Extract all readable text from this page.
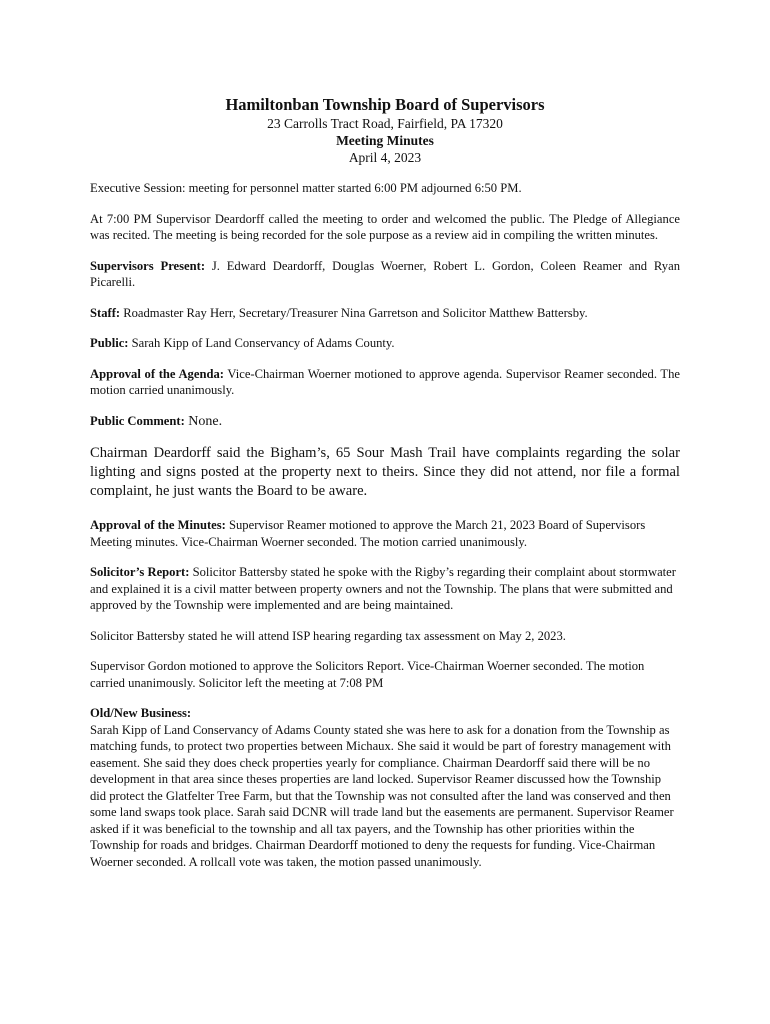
Hamiltonban Township Board of Supervisors
23 Carrolls Tract Road, Fairfield, PA 17320
Meeting Minutes
April 4, 2023

Executive Session: meeting for personnel matter started 6:00 PM adjourned 6:50 PM.

At 7:00 PM Supervisor Deardorff called the meeting to order and welcomed the public. The Pledge of Allegiance was recited. The meeting is being recorded for the sole purpose as a review aid in compiling the written minutes.

Supervisors Present: J. Edward Deardorff, Douglas Woerner, Robert L. Gordon, Coleen Reamer and Ryan Picarelli.

Staff: Roadmaster Ray Herr, Secretary/Treasurer Nina Garretson and Solicitor Matthew Battersby.

Public: Sarah Kipp of Land Conservancy of Adams County.

Approval of the Agenda: Vice-Chairman Woerner motioned to approve agenda. Supervisor Reamer seconded. The motion carried unanimously.

Public Comment: None.

Chairman Deardorff said the Bigham’s, 65 Sour Mash Trail have complaints regarding the solar lighting and signs posted at the property next to theirs. Since they did not attend, nor file a formal complaint, he just wants the Board to be aware.

Approval of the Minutes: Supervisor Reamer motioned to approve the March 21, 2023 Board of Supervisors Meeting minutes. Vice-Chairman Woerner seconded. The motion carried unanimously.

Solicitor’s Report: Solicitor Battersby stated he spoke with the Rigby’s regarding their complaint about stormwater and explained it is a civil matter between property owners and not the Township. The plans that were submitted and approved by the Township were implemented and are being maintained.

Solicitor Battersby stated he will attend ISP hearing regarding tax assessment on May 2, 2023.

Supervisor Gordon motioned to approve the Solicitors Report. Vice-Chairman Woerner seconded. The motion carried unanimously. Solicitor left the meeting at 7:08 PM

Old/New Business:

Sarah Kipp of Land Conservancy of Adams County stated she was here to ask for a donation from the Township as matching funds, to protect two properties between Michaux. She said it would be part of forestry management with easement. She said they does check properties yearly for compliance. Chairman Deardorff said there will be no development in that area since theses properties are land locked. Supervisor Reamer discussed how the Township did protect the Glatfelter Tree Farm, but that the Township was not consulted after the land was conserved and then some land swaps took place. Sarah said DCNR will trade land but the easements are permanent. Supervisor Reamer asked if it was beneficial to the township and all tax payers, and the Township has other priorities within the Township for roads and bridges. Chairman Deardorff motioned to deny the requests for funding. Vice-Chairman Woerner seconded. A rollcall vote was taken, the motion passed unanimously.
